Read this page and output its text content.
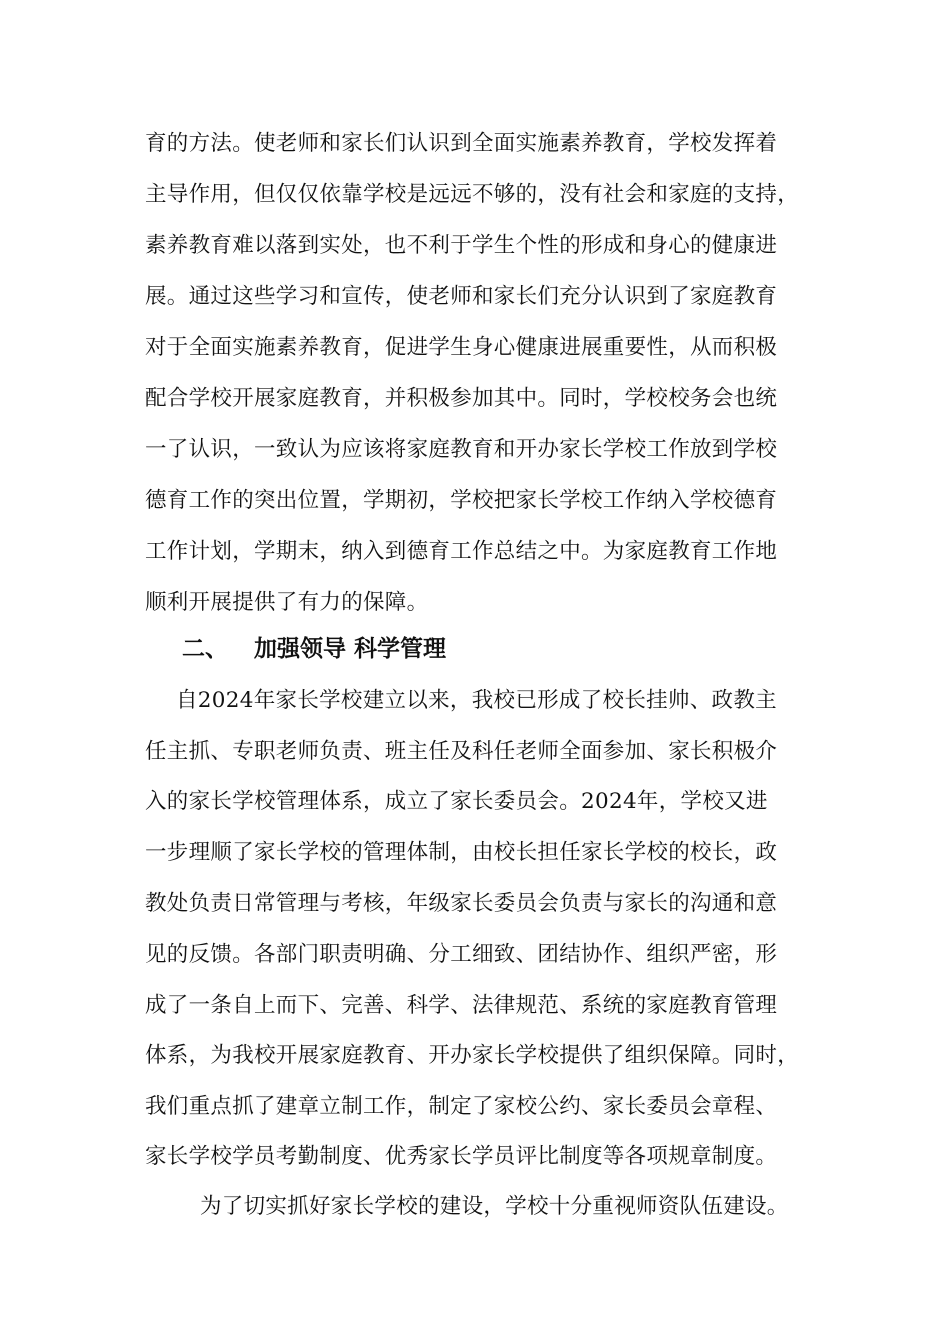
育的方法。使老师和家长们认识到全面实施素养教育，学校发挥着
主导作用，但仅仅依靠学校是远远不够的，没有社会和家庭的支持，
素养教育难以落到实处，也不利于学生个性的形成和身心的健康进
展。通过这些学习和宣传，使老师和家长们充分认识到了家庭教育
对于全面实施素养教育，促进学生身心健康进展重要性，从而积极
配合学校开展家庭教育，并积极参加其中。同时，学校校务会也统
一了认识，一致认为应该将家庭教育和开办家长学校工作放到学校
德育工作的突出位置，学期初，学校把家长学校工作纳入学校德育
工作计划，学期末，纳入到德育工作总结之中。为家庭教育工作地
顺利开展提供了有力的保障。
二、 加强领导 科学管理
自2024年家长学校建立以来，我校已形成了校长挂帅、政教主
任主抓、专职老师负责、班主任及科任老师全面参加、家长积极介
入的家长学校管理体系，成立了家长委员会。2024年，学校又进
一步理顺了家长学校的管理体制，由校长担任家长学校的校长，政
教处负责日常管理与考核，年级家长委员会负责与家长的沟通和意
见的反馈。各部门职责明确、分工细致、团结协作、组织严密，形
成了一条自上而下、完善、科学、法律规范、系统的家庭教育管理
体系，为我校开展家庭教育、开办家长学校提供了组织保障。同时，
我们重点抓了建章立制工作，制定了家校公约、家长委员会章程、
家长学校学员考勤制度、优秀家长学员评比制度等各项规章制度。
为了切实抓好家长学校的建设，学校十分重视师资队伍建设。
